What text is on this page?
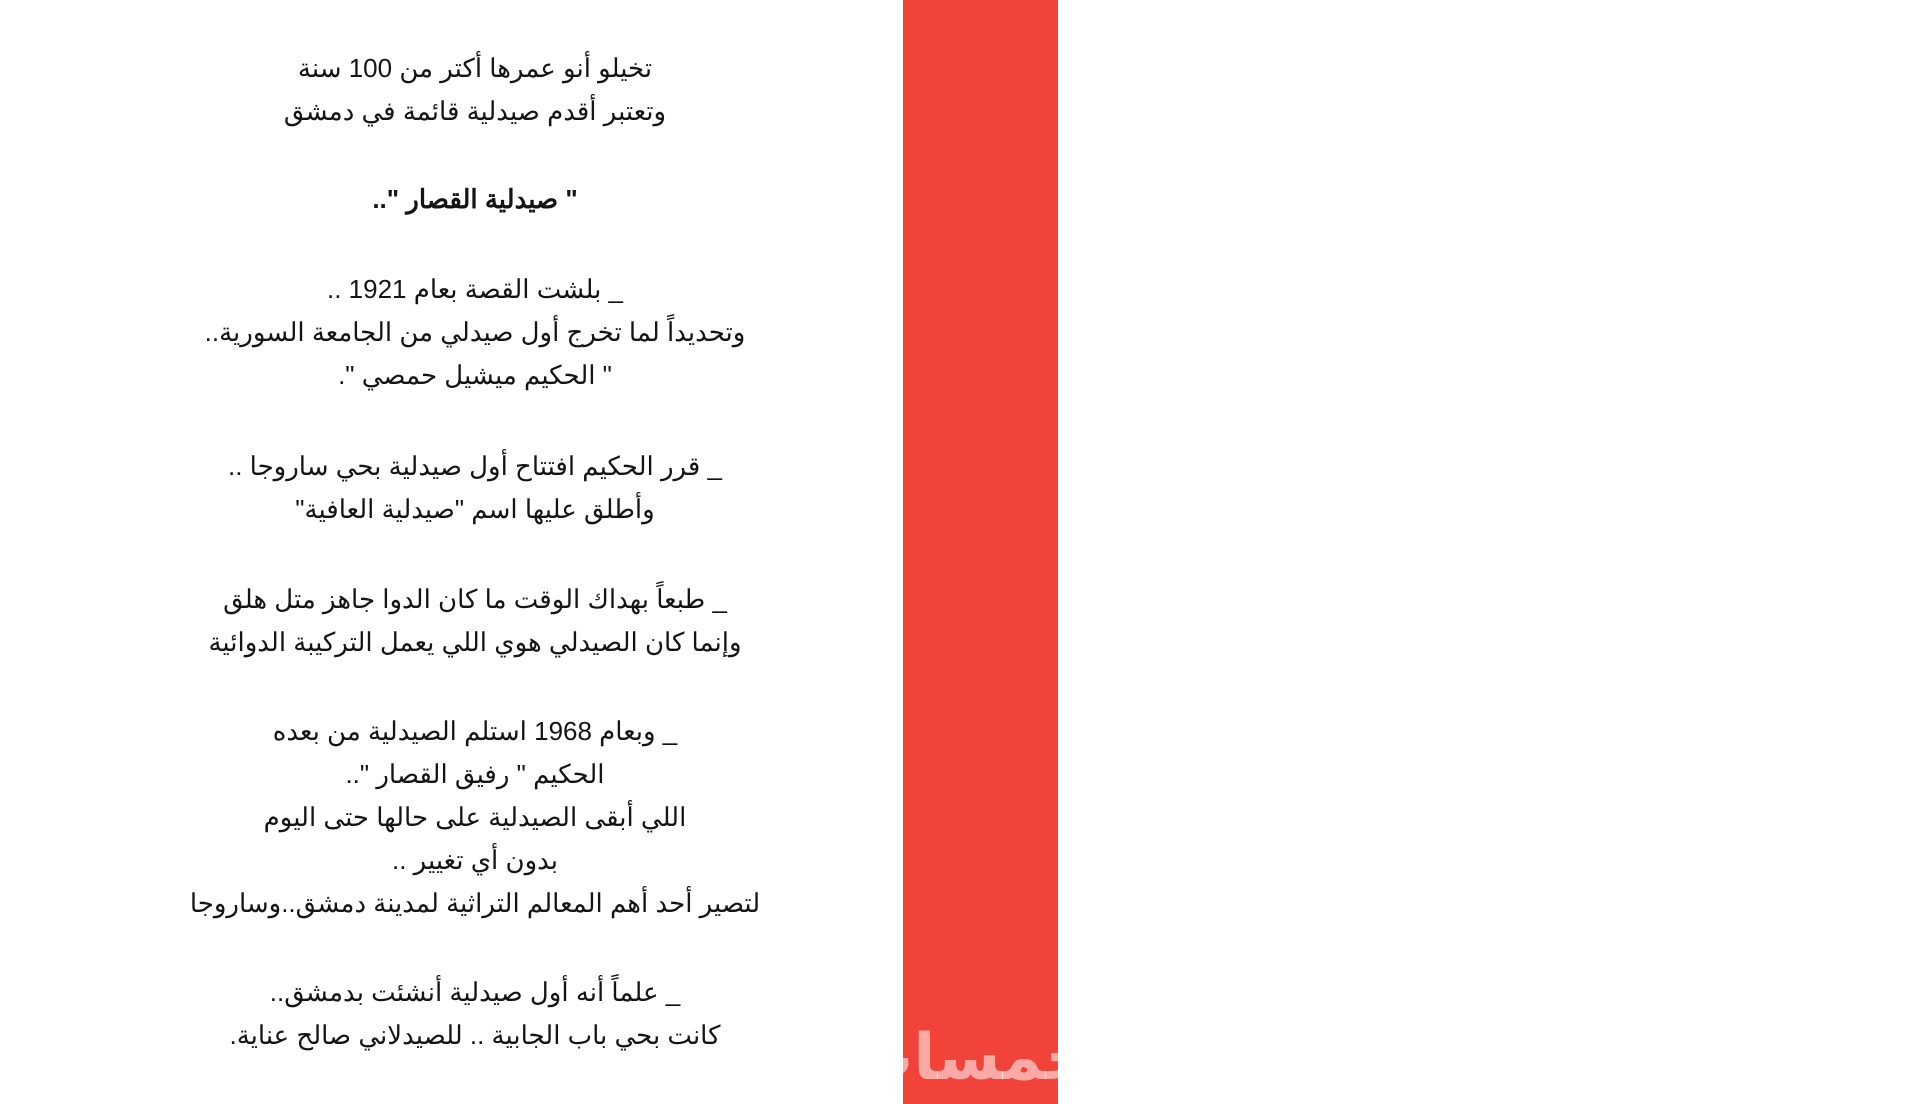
تخيلو أنو عمرها أكتر من 100 سنة
وتعتبر أقدم صيدلية قائمة في دمشق
" صيدلية القصار "..
_ بلشت القصة بعام 1921 ..
وتحديداً لما تخرج أول صيدلي من الجامعة السورية..
" الحكيم ميشيل حمصي ".
_ قرر الحكيم افتتاح أول صيدلية بحي ساروجا ..
وأطلق عليها اسم "صيدلية العافية"
_ طبعاً بهداك الوقت ما كان الدوا جاهز متل هلق
وإنما كان الصيدلي هوي اللي يعمل التركيبة الدوائية
_ وبعام 1968 استلم الصيدلية من بعده
الحكيم " رفيق القصار "..
اللي أبقى الصيدلية على حالها حتى اليوم
بدون أي تغيير ..
لتصير أحد أهم المعالم التراثية لمدينة دمشق..وساروجا
_ علماً أنه أول صيدلية أنشئت بدمشق..
كانت بحي باب الجابية .. للصيدلاني صالح عناية. خمسات
